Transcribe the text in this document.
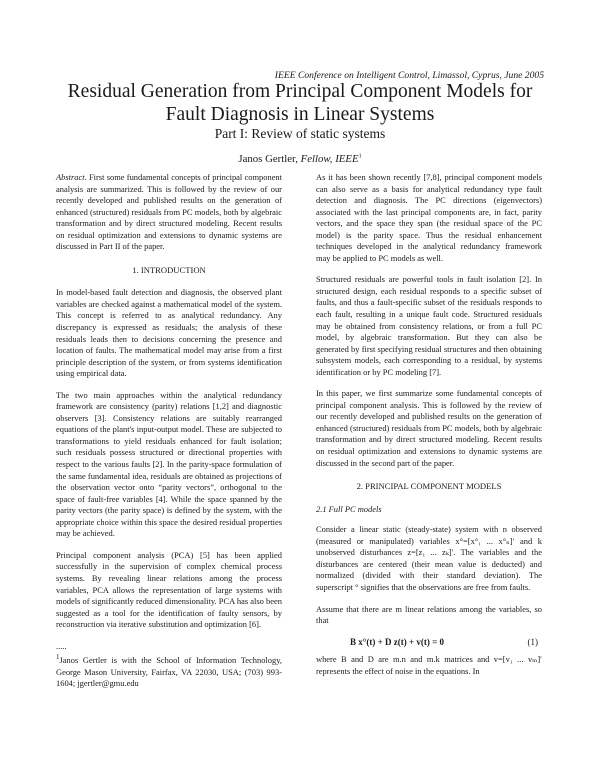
IEEE Conference on Intelligent Control, Limassol, Cyprus, June 2005
Residual Generation from Principal Component Models for
Fault Diagnosis in Linear Systems
Part I: Review of static systems
Janos Gertler, Fellow, IEEE$^1$

Abstract. First some fundamental concepts of principal component analysis are summarized. This is followed by the review of our recently developed and published results on the generation of enhanced (structured) residuals from PC models, both by algebraic transformation and by direct structured modeling. Recent results on residual optimization and extensions to dynamic systems are discussed in Part II of the paper.

1. INTRODUCTION

In model-based fault detection and diagnosis, the observed plant variables are checked against a mathematical model of the system. This concept is referred to as analytical redundancy. Any discrepancy is expressed as residuals; the analysis of these residuals leads then to decisions concerning the presence and location of faults. The mathematical model may arise from a first principle description of the system, or from systems identification using empirical data.

The two main approaches within the analytical redundancy framework are consistency (parity) relations [1,2] and diagnostic observers [3]. Consistency relations are suitably rearranged equations of the plant's input-output model. These are subjected to transformations to yield residuals enhanced for fault isolation; such residuals possess structured or directional properties with respect to the various faults [2]. In the parity-space formulation of the same fundamental idea, residuals are obtained as projections of the observation vector onto “parity vectors”, orthogonal to the space of fault-free variables [4]. While the space spanned by the parity vectors (the parity space) is defined by the system, with the appropriate choice within this space the desired residual properties may be achieved.

Principal component analysis (PCA) [5] has been applied successfully in the supervision of complex chemical process systems. By revealing linear relations among the process variables, PCA allows the representation of large systems with models of significantly reduced dimensionality. PCA has also been suggested as a tool for the identification of faulty sensors, by reconstruction via iterative substitution and optimization [6].

.....

$^1$Janos Gertler is with the School of Information Technology, George Mason University, Fairfax, VA 22030, USA; (703) 993-1604; jgertler@gmu.edu

As it has been shown recently [7,8], principal component models can also serve as a basis for analytical redundancy type fault detection and diagnosis. The PC directions (eigenvectors) associated with the last principal components are, in fact, parity vectors, and the space they span (the residual space of the PC model) is the parity space. Thus the residual enhancement techniques developed in the analytical redundancy framework may be applied to PC models as well.

Structured residuals are powerful tools in fault isolation [2]. In structured design, each residual responds to a specific subset of faults, and thus a fault-specific subset of the residuals responds to each fault, resulting in a unique fault code. Structured residuals may be obtained from consistency relations, or from a full PC model, by algebraic transformation. But they can also be generated by first specifying residual structures and then obtaining subsystem models, each corresponding to a residual, by systems identification or by PC modeling [7].

In this paper, we first summarize some fundamental concepts of principal component analysis. This is followed by the review of our recently developed and published results on the generation of enhanced (structured) residuals from PC models, both by algebraic transformation and by direct structured modeling. Recent results on residual optimization and extensions to dynamic systems are discussed in the second part of the paper.

2. PRINCIPAL COMPONENT MODELS
2.1 Full PC models

Consider a linear static (steady-state) system with n observed (measured or manipulated) variables x°=[x°₁ ... x°ₙ]′ and k unobserved disturbances z=[z₁ ... zₖ]′. The variables and the disturbances are centered (their mean value is deducted) and normalized (divided with their standard deviation). The superscript ° signifies that the observations are free from faults.

Assume that there are m linear relations among the variables, so that

B x°(t) + D z(t) + v(t) = 0	(1)

where B and D are m.n and m.k matrices and v=[v₁ ... vₘ]′ represents the effect of noise in the equations. In
